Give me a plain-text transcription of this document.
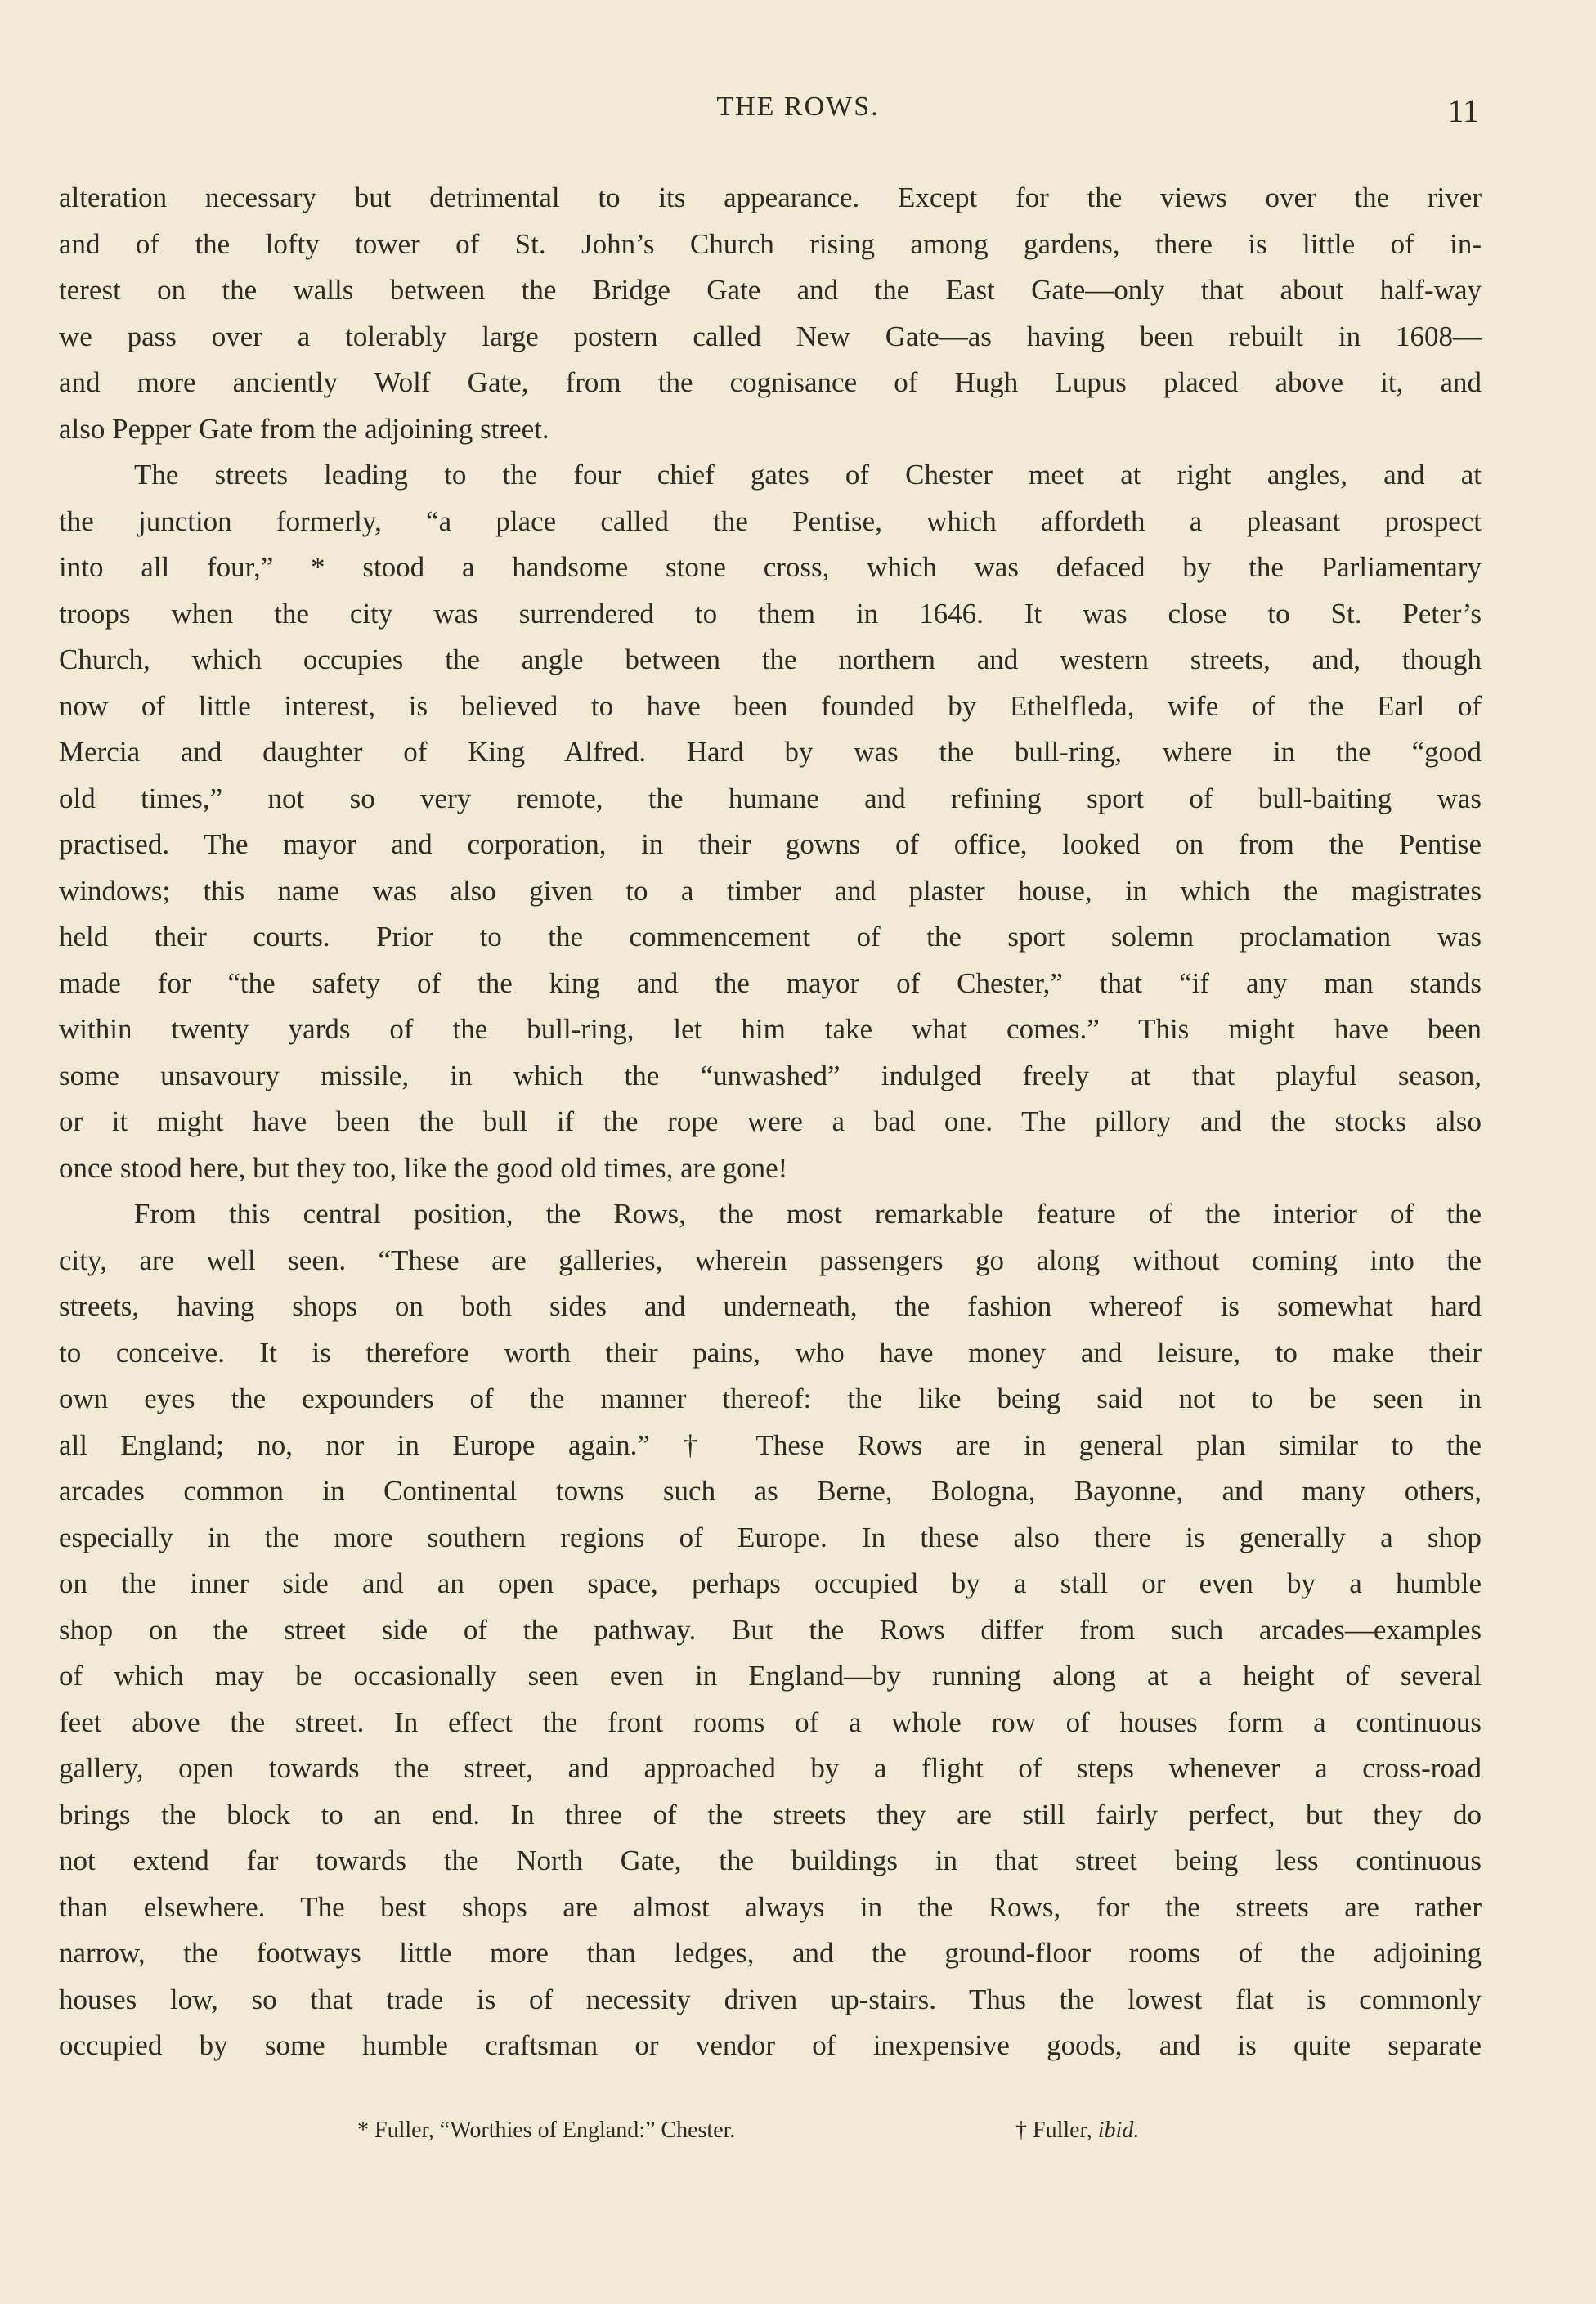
THE ROWS.	11
alteration necessary but detrimental to its appearance. Except for the views over the river
and of the lofty tower of St. John’s Church rising among gardens, there is little of in-
terest on the walls between the Bridge Gate and the East Gate—only that about half-way
we pass over a tolerably large postern called New Gate—as having been rebuilt in 1608—
and more anciently Wolf Gate, from the cognisance of Hugh Lupus placed above it, and
also Pepper Gate from the adjoining street.
The streets leading to the four chief gates of Chester meet at right angles, and at
the junction formerly, “a place called the Pentise, which affordeth a pleasant prospect
into all four,” * stood a handsome stone cross, which was defaced by the Parliamentary
troops when the city was surrendered to them in 1646. It was close to St. Peter’s
Church, which occupies the angle between the northern and western streets, and, though
now of little interest, is believed to have been founded by Ethelfleda, wife of the Earl of
Mercia and daughter of King Alfred. Hard by was the bull-ring, where in the “good
old times,” not so very remote, the humane and refining sport of bull-baiting was
practised. The mayor and corporation, in their gowns of office, looked on from the Pentise
windows; this name was also given to a timber and plaster house, in which the magistrates
held their courts. Prior to the commencement of the sport solemn proclamation was
made for “the safety of the king and the mayor of Chester,” that “if any man stands
within twenty yards of the bull-ring, let him take what comes.” This might have been
some unsavoury missile, in which the “unwashed” indulged freely at that playful season,
or it might have been the bull if the rope were a bad one. The pillory and the stocks also
once stood here, but they too, like the good old times, are gone!
From this central position, the Rows, the most remarkable feature of the interior of the
city, are well seen. “These are galleries, wherein passengers go along without coming into the
streets, having shops on both sides and underneath, the fashion whereof is somewhat hard
to conceive. It is therefore worth their pains, who have money and leisure, to make their
own eyes the expounders of the manner thereof: the like being said not to be seen in
all England; no, nor in Europe again.” † These Rows are in general plan similar to the
arcades common in Continental towns such as Berne, Bologna, Bayonne, and many others,
especially in the more southern regions of Europe. In these also there is generally a shop
on the inner side and an open space, perhaps occupied by a stall or even by a humble
shop on the street side of the pathway. But the Rows differ from such arcades—examples
of which may be occasionally seen even in England—by running along at a height of several
feet above the street. In effect the front rooms of a whole row of houses form a continuous
gallery, open towards the street, and approached by a flight of steps whenever a cross-road
brings the block to an end. In three of the streets they are still fairly perfect, but they do
not extend far towards the North Gate, the buildings in that street being less continuous
than elsewhere. The best shops are almost always in the Rows, for the streets are rather
narrow, the footways little more than ledges, and the ground-floor rooms of the adjoining
houses low, so that trade is of necessity driven up-stairs. Thus the lowest flat is commonly
occupied by some humble craftsman or vendor of inexpensive goods, and is quite separate
* Fuller, “Worthies of England:” Chester.	† Fuller, ibid.
